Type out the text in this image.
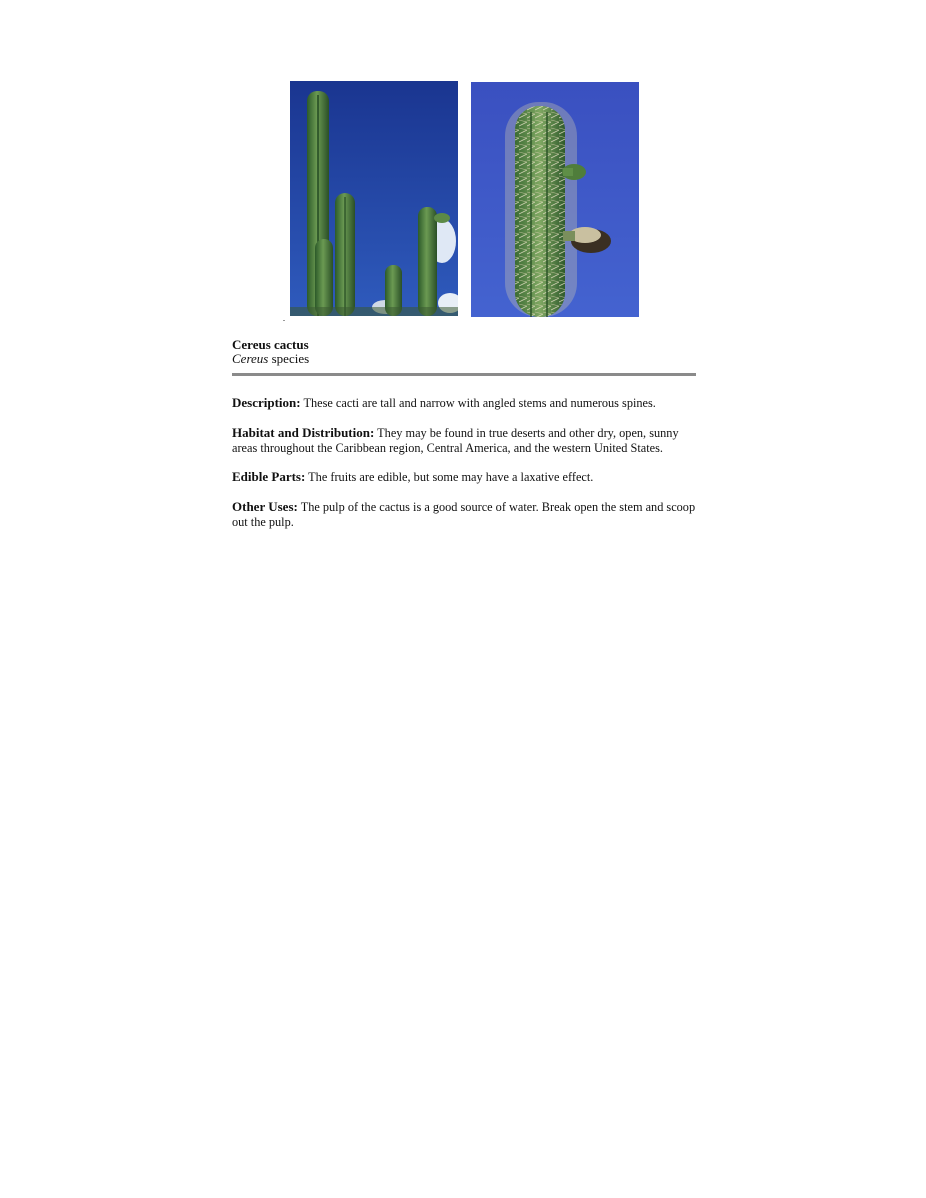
Cereus cactus
Cereus species

Description: These cacti are tall and narrow with angled stems and numerous spines.

Habitat and Distribution: They may be found in true deserts and other dry, open, sunny areas throughout the Caribbean region, Central America, and the western United States.

Edible Parts: The fruits are edible, but some may have a laxative effect.

Other Uses: The pulp of the cactus is a good source of water. Break open the stem and scoop out the pulp.
